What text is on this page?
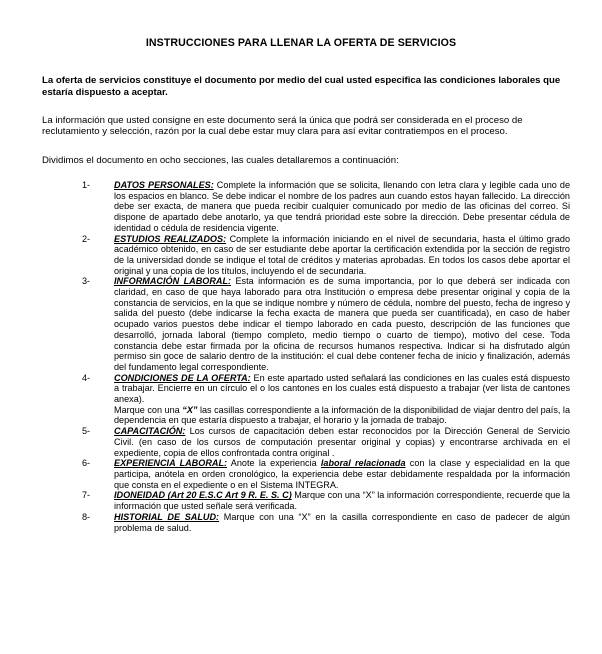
INSTRUCCIONES PARA LLENAR LA OFERTA DE SERVICIOS
La oferta de servicios constituye el documento por medio del cual usted especifica las condiciones laborales que estaría dispuesto a aceptar.
La información que usted consigne en este documento será la única que podrá ser considerada en el proceso de reclutamiento y selección, razón por la cual debe estar muy clara para así evitar contratiempos en el proceso.
Dividimos el documento en ocho secciones, las cuales detallaremos a continuación:
1-	DATOS PERSONALES: Complete la información que se solicita, llenando con letra clara y legible cada uno de los espacios en blanco. Se debe indicar el nombre de los padres aun cuando estos hayan fallecido. La dirección debe ser exacta, de manera que pueda recibir cualquier comunicado por medio de las oficinas del correo. Si dispone de apartado debe anotarlo, ya que tendrá prioridad este sobre la dirección. Debe presentar cédula de identidad o cédula de residencia vigente.
2-	ESTUDIOS REALIZADOS: Complete la información iniciando en el nivel de secundaria, hasta el último grado académico obtenido, en caso de ser estudiante debe aportar la certificación extendida por la sección de registro de la universidad donde se indique el total de créditos y materias aprobadas. En todos los casos debe aportar el original y una copia de los títulos, incluyendo el de secundaria.
3-	INFORMACIÓN LABORAL: Esta información es de suma importancia, por lo que deberá ser indicada con claridad, en caso de que haya laborado para otra Institución o empresa debe presentar original y copia de la constancia de servicios, en la que se indique nombre y número de cédula, nombre del puesto, fecha de ingreso y salida del puesto (debe indicarse la fecha exacta de manera que pueda ser cuantificada), en caso de haber ocupado varios puestos debe indicar el tiempo laborado en cada puesto, descripción de las funciones que desarrolló, jornada laboral (tiempo completo, medio tiempo o cuarto de tiempo), motivo del cese. Toda constancia debe estar firmada por la oficina de recursos humanos respectiva. Indicar si ha disfrutado algún permiso sin goce de salario dentro de la institución: el cual debe contener fecha de inicio y finalización, además del fundamento legal correspondiente.
4-	CONDICIONES DE LA OFERTA: En este apartado usted señalará las condiciones en las cuales está dispuesto a trabajar. Encierre en un círculo el o los cantones en los cuales está dispuesto a trabajar (ver lista de cantones anexa).
Marque con una “X” las casillas correspondiente a la información de la disponibilidad de viajar dentro del país, la dependencia en que estaría dispuesto a trabajar, el horario y la jornada de trabajo.
5-	CAPACITACIÓN: Los cursos de capacitación deben estar reconocidos por la Dirección General de Servicio Civil. (en caso de los cursos de computación presentar original y copias) y encontrarse archivada en el expediente, copia de ellos confrontada contra original .
6-	EXPERIENCIA LABORAL: Anote la experiencia laboral relacionada con la clase y especialidad en la que participa, anótela en orden cronológico, la experiencia debe estar debidamente respaldada por la información que consta en el expediente o en el Sistema INTEGRA.
7-	IDONEIDAD (Art 20 E.S.C Art 9 R. E. S. C) Marque con una “X” la información correspondiente, recuerde que la información que usted señale será verificada.
8-	HISTORIAL DE SALUD: Marque con una “X” en la casilla correspondiente en caso de padecer de algún problema de salud.
